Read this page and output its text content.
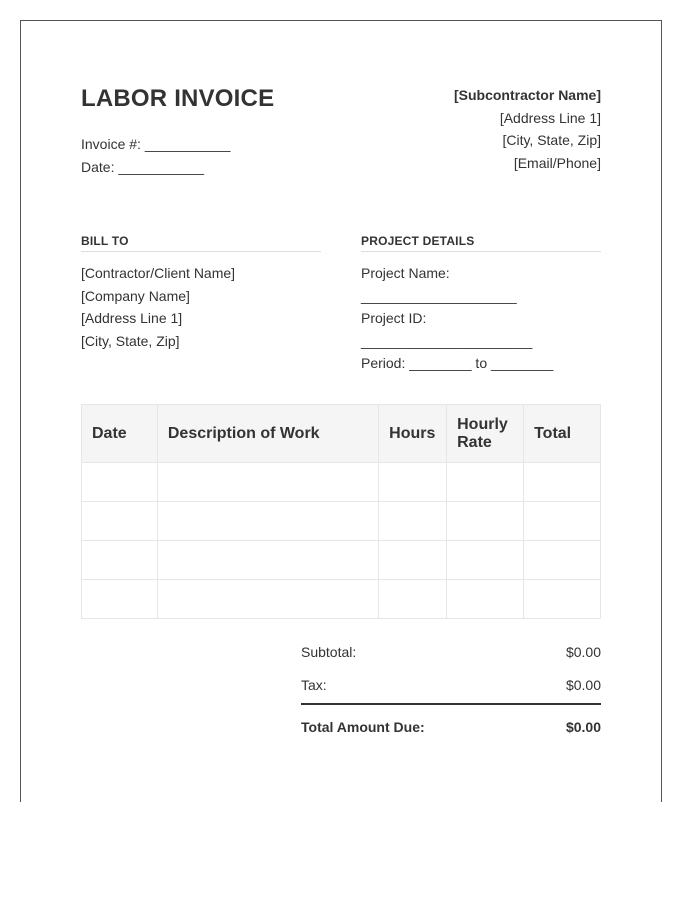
LABOR INVOICE
Invoice #: ___________
Date: ___________
[Subcontractor Name]
[Address Line 1]
[City, State, Zip]
[Email/Phone]
BILL TO
[Contractor/Client Name]
[Company Name]
[Address Line 1]
[City, State, Zip]
PROJECT DETAILS
Project Name:
____________________
Project ID:
______________________
Period: ________ to ________
Date	Description of Work	Hours	Hourly Rate	Total

Subtotal:	$0.00
Tax:	$0.00
Total Amount Due:	$0.00
